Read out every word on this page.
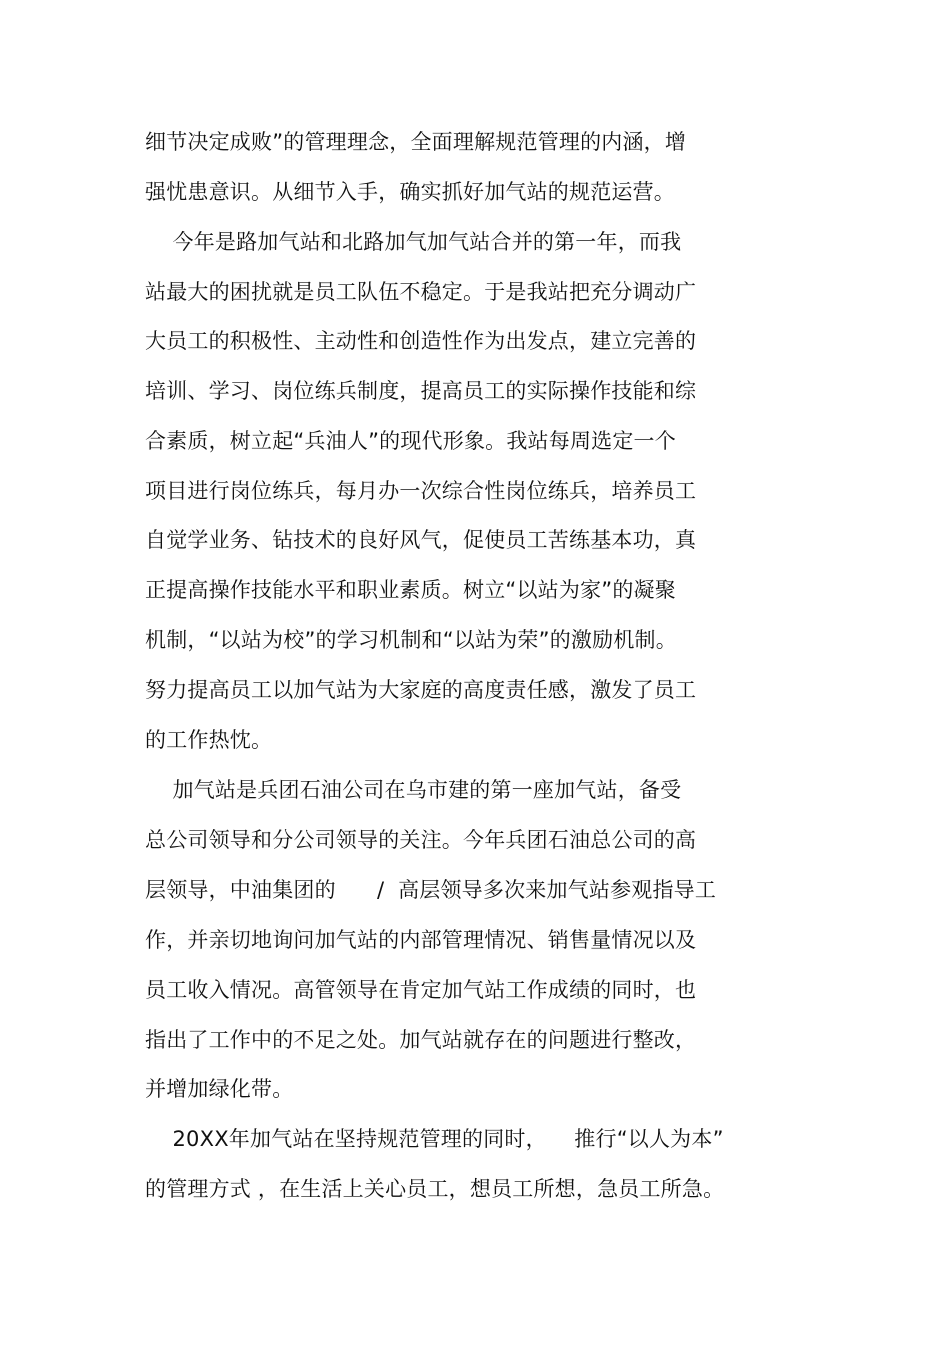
细节决定成败”的管理理念，全面理解规范管理的内涵，增
强忧患意识。从细节入手，确实抓好加气站的规范运营。
今年是路加气站和北路加气加气站合并的第一年，而我
站最大的困扰就是员工队伍不稳定。于是我站把充分调动广
大员工的积极性、主动性和创造性作为出发点，建立完善的
培训、学习、岗位练兵制度，提高员工的实际操作技能和综
合素质，树立起“兵油人”的现代形象。我站每周选定一个
项目进行岗位练兵，每月办一次综合性岗位练兵，培养员工
自觉学业务、钻技术的良好风气，促使员工苦练基本功，真
正提高操作技能水平和职业素质。树立“以站为家”的凝聚
机制，“以站为校”的学习机制和“以站为荣”的激励机制。
努力提高员工以加气站为大家庭的高度责任感，激发了员工
的工作热忱。
加气站是兵团石油公司在乌市建的第一座加气站，备受
总公司领导和分公司领导的关注。今年兵团石油总公司的高
层领导，中油集团的      /  高层领导多次来加气站参观指导工
作，并亲切地询问加气站的内部管理情况、销售量情况以及
员工收入情况。高管领导在肯定加气站工作成绩的同时，也
指出了工作中的不足之处。加气站就存在的问题进行整改，
并增加绿化带。
20XX年加气站在坚持规范管理的同时，    推行“以人为本”
的管理方式 ，在生活上关心员工，想员工所想，急员工所急。
